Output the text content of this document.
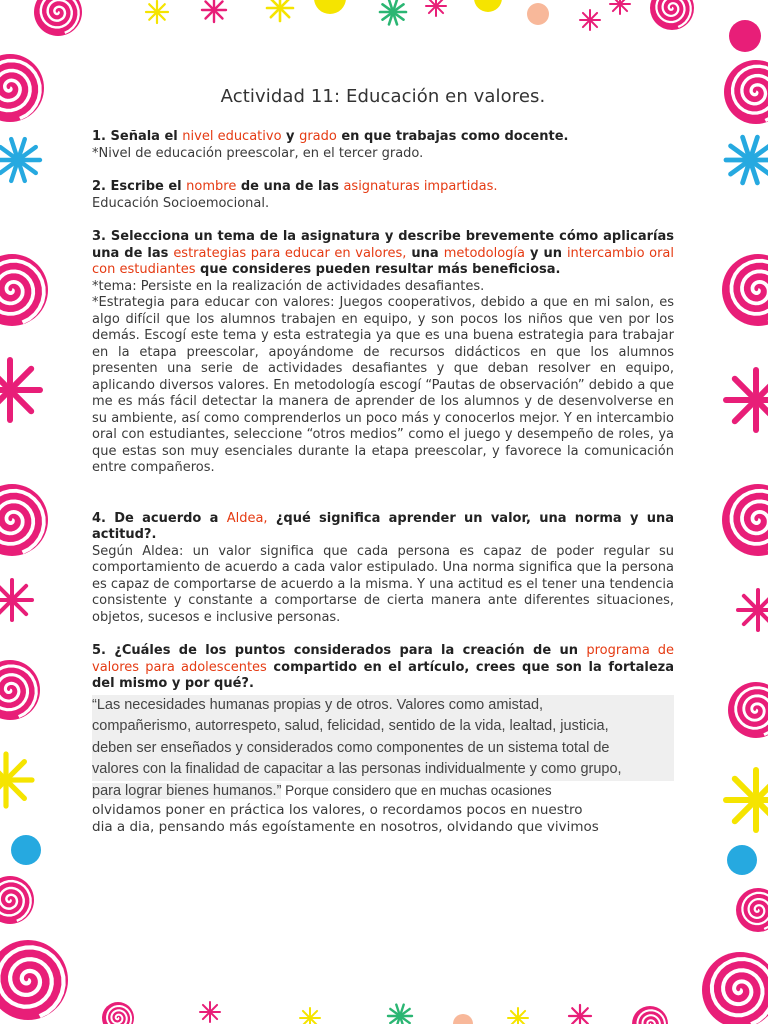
Actividad 11: Educación en valores.

1. Señala el nivel educativo y grado en que trabajas como docente.

*Nivel de educación preescolar, en el tercer grado.

2. Escribe el nombre de una de las asignaturas impartidas.

Educación Socioemocional.

3. Selecciona un tema de la asignatura y describe brevemente cómo aplicarías una de las estrategias para educar en valores, una metodología y un intercambio oral con estudiantes que consideres pueden resultar más beneficiosa.

*tema: Persiste en la realización de actividades desafiantes.

*Estrategia para educar con valores: Juegos cooperativos, debido a que en mi salon, es algo difícil que los alumnos trabajen en equipo, y son pocos los niños que ven por los demás. Escogí este tema y esta estrategia ya que es una buena estrategia para trabajar en la etapa preescolar, apoyándome de recursos didácticos en que los alumnos presenten una serie de actividades desafiantes y que deban resolver en equipo, aplicando diversos valores. En metodología escogí “Pautas de observación” debido a que me es más fácil detectar la manera de aprender de los alumnos y de desenvolverse en su ambiente, así como comprenderlos un poco más y conocerlos mejor. Y en intercambio oral con estudiantes, seleccione “otros medios” como el juego y desempeño de roles, ya que estas son muy esenciales durante la etapa preescolar, y favorece la comunicación entre compañeros.

4. De acuerdo a Aldea, ¿qué significa aprender un valor, una norma y una actitud?.

Según Aldea: un valor significa que cada persona es capaz de poder regular su comportamiento de acuerdo a cada valor estipulado. Una norma significa que la persona es capaz de comportarse de acuerdo a la misma. Y una actitud es el tener una tendencia consistente y constante a comportarse de cierta manera ante diferentes situaciones, objetos, sucesos e inclusive personas.

5. ¿Cuáles de los puntos considerados para la creación de un programa de valores para adolescentes compartido en el artículo, crees que son la fortaleza del mismo y por qué?.

“Las necesidades humanas propias y de otros. Valores como amistad,
compañerismo, autorrespeto, salud, felicidad, sentido de la vida, lealtad, justicia,
deben ser enseñados y considerados como componentes de un sistema total de
valores con la finalidad de capacitar a las personas individualmente y como grupo,
para lograr bienes humanos.” Porque considero que en muchas ocasiones

olvidamos poner en práctica los valores, o recordamos pocos en nuestro

dia a dia, pensando más egoístamente en nosotros, olvidando que vivimos
